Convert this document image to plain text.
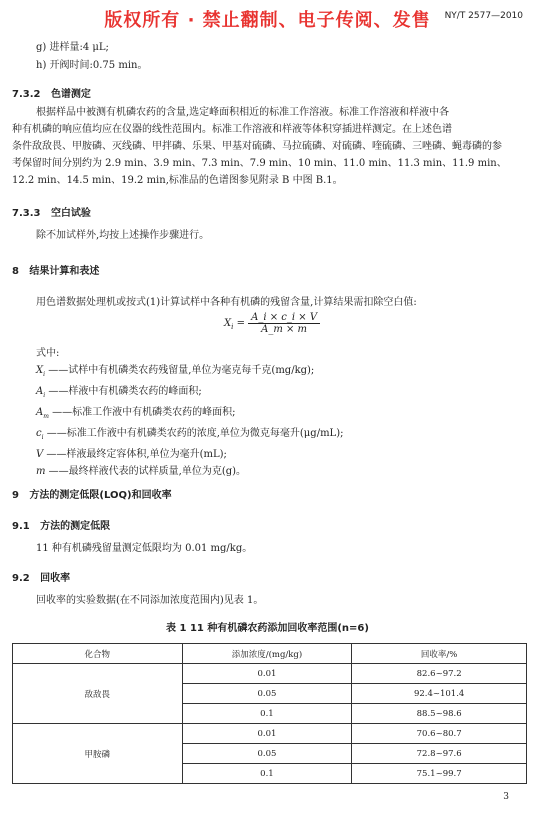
版权所有 · 禁止翻制、电子传阅、发售	NY/T 2577—2010
g) 进样量:4 μL;
h) 开阀时间:0.75 min。
7.3.2 色谱测定
根据样品中被测有机磷农药的含量,选定峰面积相近的标准工作溶液。标准工作溶液和样液中各
种有机磷的响应值均应在仪器的线性范围内。标准工作溶液和样液等体积穿插进样测定。在上述色谱
条件敌敌畏、甲胺磷、灭线磷、甲拌磷、乐果、甲基对硫磷、马拉硫磷、对硫磷、喹硫磷、三唑磷、蝇毒磷的参
考保留时间分别约为 2.9 min、3.9 min、7.3 min、7.9 min、10 min、11.0 min、11.3 min、11.9 min、
12.2 min、14.5 min、19.2 min,标准品的色谱图参见附录 B 中图 B.1。
7.3.3 空白试验
除不加试样外,均按上述操作步骤进行。
8 结果计算和表述
用色谱数据处理机或按式(1)计算试样中各种有机磷的残留含量,计算结果需扣除空白值:
$X_i = \frac{A\_i \times c\_i \times V}{A\_m \times m}$
式中:
$X_i$ ——试样中有机磷类农药残留量,单位为毫克每千克(mg/kg);
$A_i$ ——样液中有机磷类农药的峰面积;
$A_m$ ——标准工作液中有机磷类农药的峰面积;
$c_i$ ——标准工作液中有机磷类农药的浓度,单位为微克每毫升(μg/mL);
V ——样液最终定容体积,单位为毫升(mL);
m ——最终样液代表的试样质量,单位为克(g)。
9 方法的测定低限(LOQ)和回收率
9.1 方法的测定低限
11 种有机磷残留量测定低限均为 0.01 mg/kg。
9.2 回收率
回收率的实验数据(在不同添加浓度范围内)见表 1。
表 1 11 种有机磷农药添加回收率范围(n=6)
化合物	添加浓度/(mg/kg)	回收率/%
敌敌畏	0.01	82.6~97.2
	0.05	92.4~101.4
	0.1	88.5~98.6
甲胺磷	0.01	70.6~80.7
	0.05	72.8~97.6
	0.1	75.1~99.7
3
